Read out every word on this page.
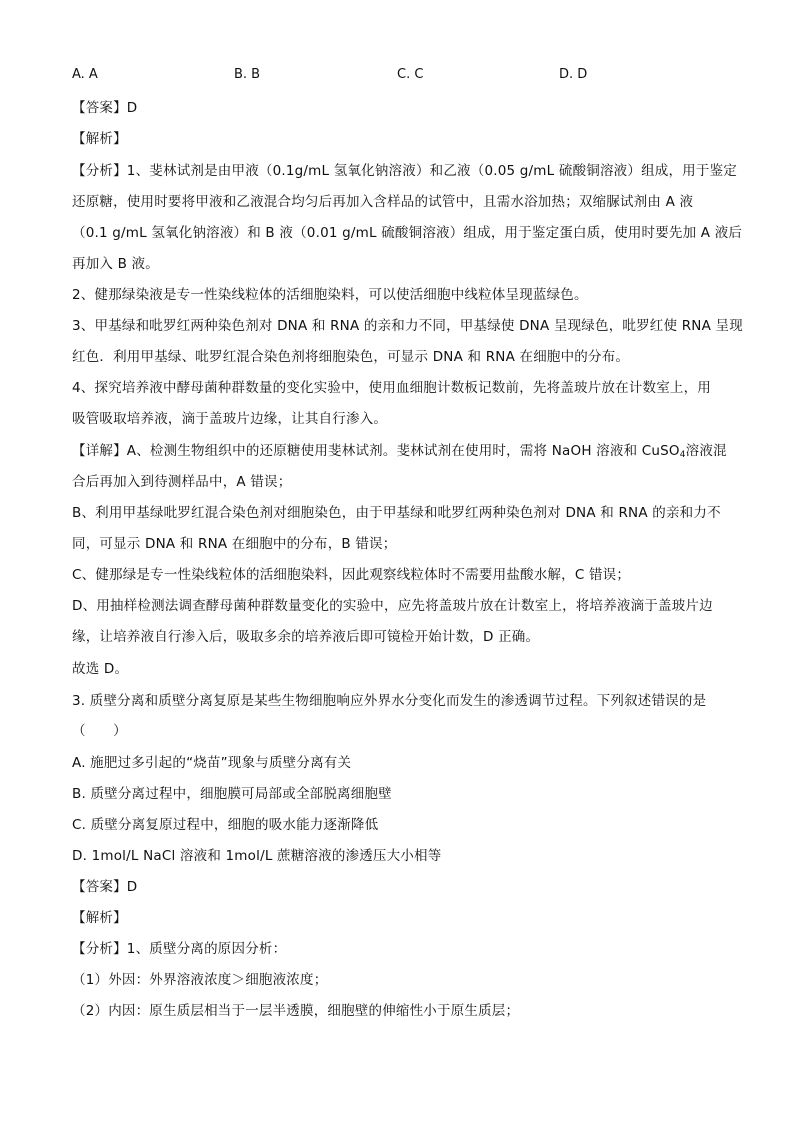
A. A	B. B	C. C	D. D
【答案】D
【解析】
【分析】1、斐林试剂是由甲液（0.1g/mL 氢氧化钠溶液）和乙液（0.05 g/mL 硫酸铜溶液）组成，用于鉴定
还原糖，使用时要将甲液和乙液混合均匀后再加入含样品的试管中，且需水浴加热；双缩脲试剂由 A 液
（0.1 g/mL 氢氧化钠溶液）和 B 液（0.01 g/mL 硫酸铜溶液）组成，用于鉴定蛋白质，使用时要先加 A 液后
再加入 B 液。
2、健那绿染液是专一性染线粒体的活细胞染料，可以使活细胞中线粒体呈现蓝绿色。
3、甲基绿和吡罗红两种染色剂对 DNA 和 RNA 的亲和力不同，甲基绿使 DNA 呈现绿色，吡罗红使 RNA 呈现
红色．利用甲基绿、吡罗红混合染色剂将细胞染色，可显示 DNA 和 RNA 在细胞中的分布。
4、探究培养液中酵母菌种群数量的变化实验中，使用血细胞计数板记数前，先将盖玻片放在计数室上，用
吸管吸取培养液，滴于盖玻片边缘，让其自行渗入。
【详解】A、检测生物组织中的还原糖使用斐林试剂。斐林试剂在使用时，需将 NaOH 溶液和 CuSO$_4$溶液混
合后再加入到待测样品中，A 错误；
B、利用甲基绿吡罗红混合染色剂对细胞染色，由于甲基绿和吡罗红两种染色剂对 DNA 和 RNA 的亲和力不
同，可显示 DNA 和 RNA 在细胞中的分布，B 错误；
C、健那绿是专一性染线粒体的活细胞染料，因此观察线粒体时不需要用盐酸水解，C 错误；
D、用抽样检测法调查酵母菌种群数量变化的实验中，应先将盖玻片放在计数室上，将培养液滴于盖玻片边
缘，让培养液自行渗入后，吸取多余的培养液后即可镜检开始计数，D 正确。
故选 D。
3. 质壁分离和质壁分离复原是某些生物细胞响应外界水分变化而发生的渗透调节过程。下列叙述错误的是
（　　）
A. 施肥过多引起的“烧苗”现象与质壁分离有关
B. 质壁分离过程中，细胞膜可局部或全部脱离细胞壁
C. 质壁分离复原过程中，细胞的吸水能力逐渐降低
D. 1mol/L NaCl 溶液和 1mol/L 蔗糖溶液的渗透压大小相等
【答案】D
【解析】
【分析】1、质壁分离的原因分析：
（1）外因：外界溶液浓度＞细胞液浓度；
（2）内因：原生质层相当于一层半透膜，细胞壁的伸缩性小于原生质层；
